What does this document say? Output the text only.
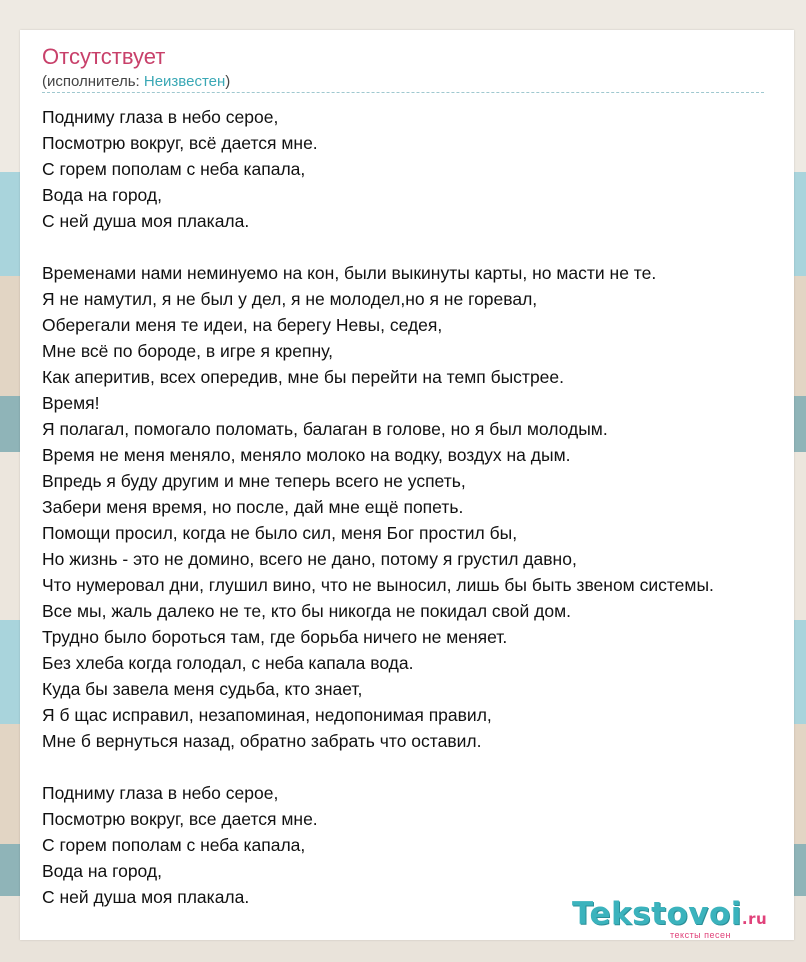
Отсутствует
(исполнитель: Неизвестен)
Подниму глаза в небо серое,
Посмотрю вокруг, всё дается мне.
С горем пополам с неба капала,
Вода на город,
С ней душа моя плакала.

Временами нами неминуемо на кон, были выкинуты карты, но масти не те.
Я не намутил, я не был у дел, я не молодел,но я не горевал,
Оберегали меня те идеи, на берегу Невы, седея,
Мне всё по бороде, в игре я крепну,
Как аперитив, всех опередив, мне бы перейти на темп быстрее.
Время!
Я полагал, помогало поломать, балаган в голове, но я был молодым.
Время не меня меняло, меняло молоко на водку, воздух на дым.
Впредь я буду другим и мне теперь всего не успеть,
Забери меня время, но после, дай мне ещё попеть.
Помощи просил, когда не было сил, меня Бог простил бы,
Но жизнь - это не домино, всего не дано, потому я грустил давно,
Что нумеровал дни, глушил вино, что не выносил, лишь бы быть звеном системы.
Все мы, жаль далеко не те, кто бы никогда не покидал свой дом.
Трудно было бороться там, где борьба ничего не меняет.
Без хлеба когда голодал, с неба капала вода.
Куда бы завела меня судьба, кто знает,
Я б щас исправил, незапоминая, недопонимая правил,
Мне б вернуться назад, обратно забрать что оставил.

Подниму глаза в небо серое,
Посмотрю вокруг, все дается мне.
С горем пополам с неба капала,
Вода на город,
С ней душа моя плакала.	Tekstovoi.ru
тексты песен
